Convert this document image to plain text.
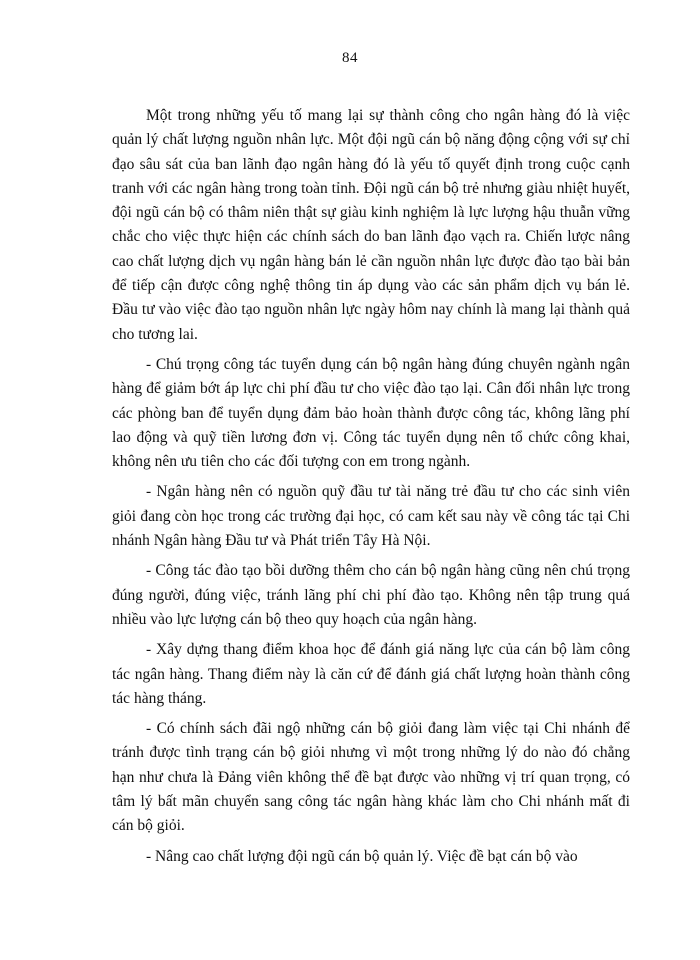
84

Một trong những yếu tố mang lại sự thành công cho ngân hàng đó là việc quản lý chất lượng nguồn nhân lực. Một đội ngũ cán bộ năng động cộng với sự chỉ đạo sâu sát của ban lãnh đạo ngân hàng đó là yếu tố quyết định trong cuộc cạnh tranh với các ngân hàng trong toàn tỉnh. Đội ngũ cán bộ trẻ nhưng giàu nhiệt huyết, đội ngũ cán bộ có thâm niên thật sự giàu kinh nghiệm là lực lượng hậu thuẫn vững chắc cho việc thực hiện các chính sách do ban lãnh đạo vạch ra. Chiến lược nâng cao chất lượng dịch vụ ngân hàng bán lẻ cần nguồn nhân lực được đào tạo bài bản để tiếp cận được công nghệ thông tin áp dụng vào các sản phẩm dịch vụ bán lẻ. Đầu tư vào việc đào tạo nguồn nhân lực ngày hôm nay chính là mang lại thành quả cho tương lai.

- Chú trọng công tác tuyển dụng cán bộ ngân hàng đúng chuyên ngành ngân hàng để giảm bớt áp lực chi phí đầu tư cho việc đào tạo lại. Cân đối nhân lực trong các phòng ban để tuyển dụng đảm bảo hoàn thành được công tác, không lãng phí lao động và quỹ tiền lương đơn vị. Công tác tuyển dụng nên tổ chức công khai, không nên ưu tiên cho các đối tượng con em trong ngành.

- Ngân hàng nên có nguồn quỹ đầu tư tài năng trẻ đầu tư cho các sinh viên giỏi đang còn học trong các trường đại học, có cam kết sau này về công tác tại Chi nhánh Ngân hàng Đầu tư và Phát triển Tây Hà Nội.

- Công tác đào tạo bồi dưỡng thêm cho cán bộ ngân hàng cũng nên chú trọng đúng người, đúng việc, tránh lãng phí chi phí đào tạo. Không nên tập trung quá nhiều vào lực lượng cán bộ theo quy hoạch của ngân hàng.

- Xây dựng thang điểm khoa học để đánh giá năng lực của cán bộ làm công tác ngân hàng. Thang điểm này là căn cứ để đánh giá chất lượng hoàn thành công tác hàng tháng.

- Có chính sách đãi ngộ những cán bộ giỏi đang làm việc tại Chi nhánh để tránh được tình trạng cán bộ giỏi nhưng vì một trong những lý do nào đó chẳng hạn như chưa là Đảng viên không thể đề bạt được vào những vị trí quan trọng, có tâm lý bất mãn chuyển sang công tác ngân hàng khác làm cho Chi nhánh mất đi cán bộ giỏi.

- Nâng cao chất lượng đội ngũ cán bộ quản lý. Việc đề bạt cán bộ vào
